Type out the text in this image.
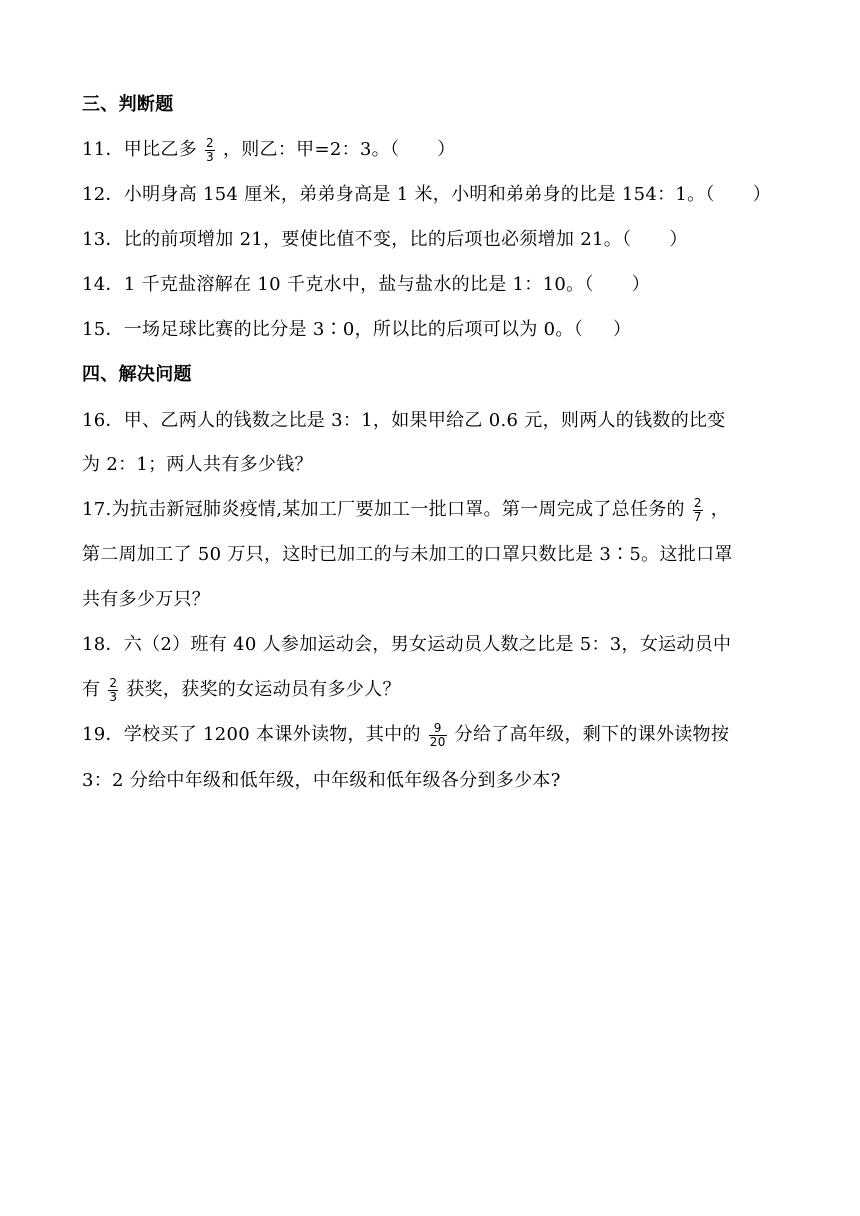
三、判断题
11．甲比乙多 $\frac{2}{3}$ ，则乙：甲=2：3。（ ）
12．小明身高 154 厘米，弟弟身高是 1 米，小明和弟弟身的比是 154：1。（ ）
13．比的前项增加 21，要使比值不变，比的后项也必须增加 21。（ ）
14．1 千克盐溶解在 10 千克水中，盐与盐水的比是 1：10。（ ）
15．一场足球比赛的比分是 3∶0，所以比的后项可以为 0。（ ）
四、解决问题
16．甲、乙两人的钱数之比是 3：1，如果甲给乙 0.6 元，则两人的钱数的比变
为 2：1；两人共有多少钱？
17.为抗击新冠肺炎疫情,某加工厂要加工一批口罩。第一周完成了总任务的 $\frac{2}{7}$ ，
第二周加工了 50 万只，这时已加工的与未加工的口罩只数比是 3∶5。这批口罩
共有多少万只？
18．六（2）班有 40 人参加运动会，男女运动员人数之比是 5：3，女运动员中
有 $\frac{2}{3}$ 获奖，获奖的女运动员有多少人？
19．学校买了 1200 本课外读物，其中的 $\frac{9}{20}$ 分给了高年级，剩下的课外读物按
3：2 分给中年级和低年级，中年级和低年级各分到多少本?
